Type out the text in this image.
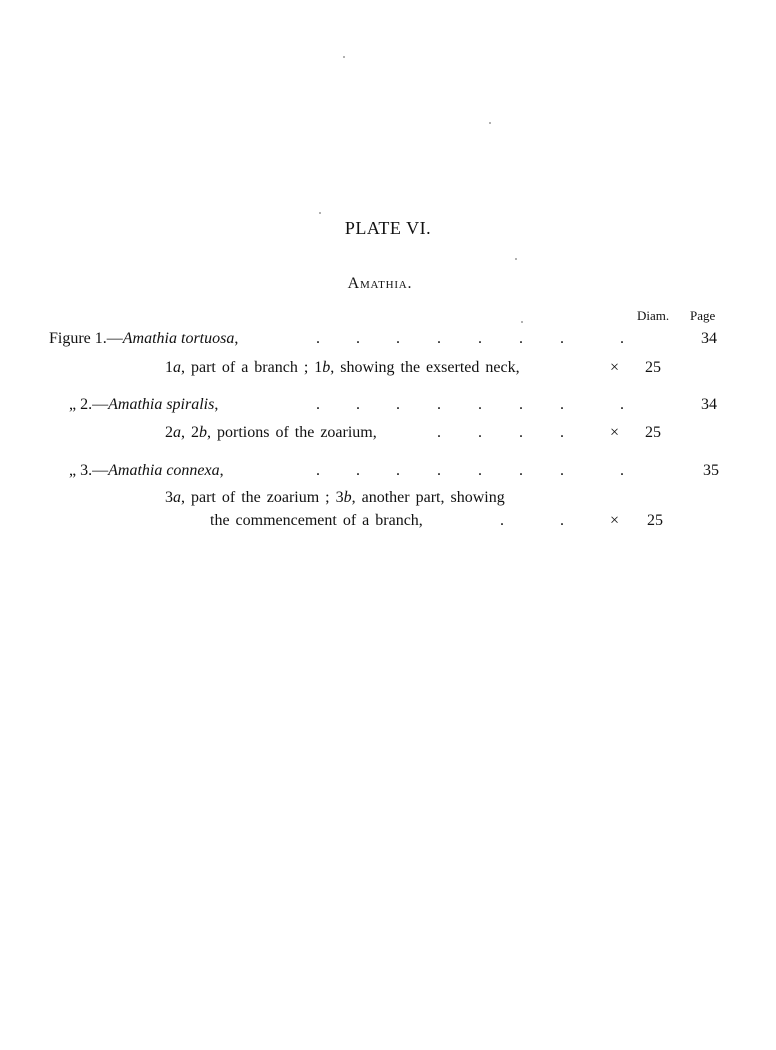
PLATE VI.
Amathia.
Diam. Page
Figure 1.—Amathia tortuosa,	. . . . . . .	.	34
1a, part of a branch ; 1b, showing the exserted neck,	× 25
„ 2.—Amathia spiralis,	. . . . . . .	.	34
2a, 2b, portions of the zoarium,	. . . .	× 25
„ 3.—Amathia connexa,	. . . . . . .	.	35
3a, part of the zoarium ; 3b, another part, showing
the commencement of a branch,	.	.	× 25
